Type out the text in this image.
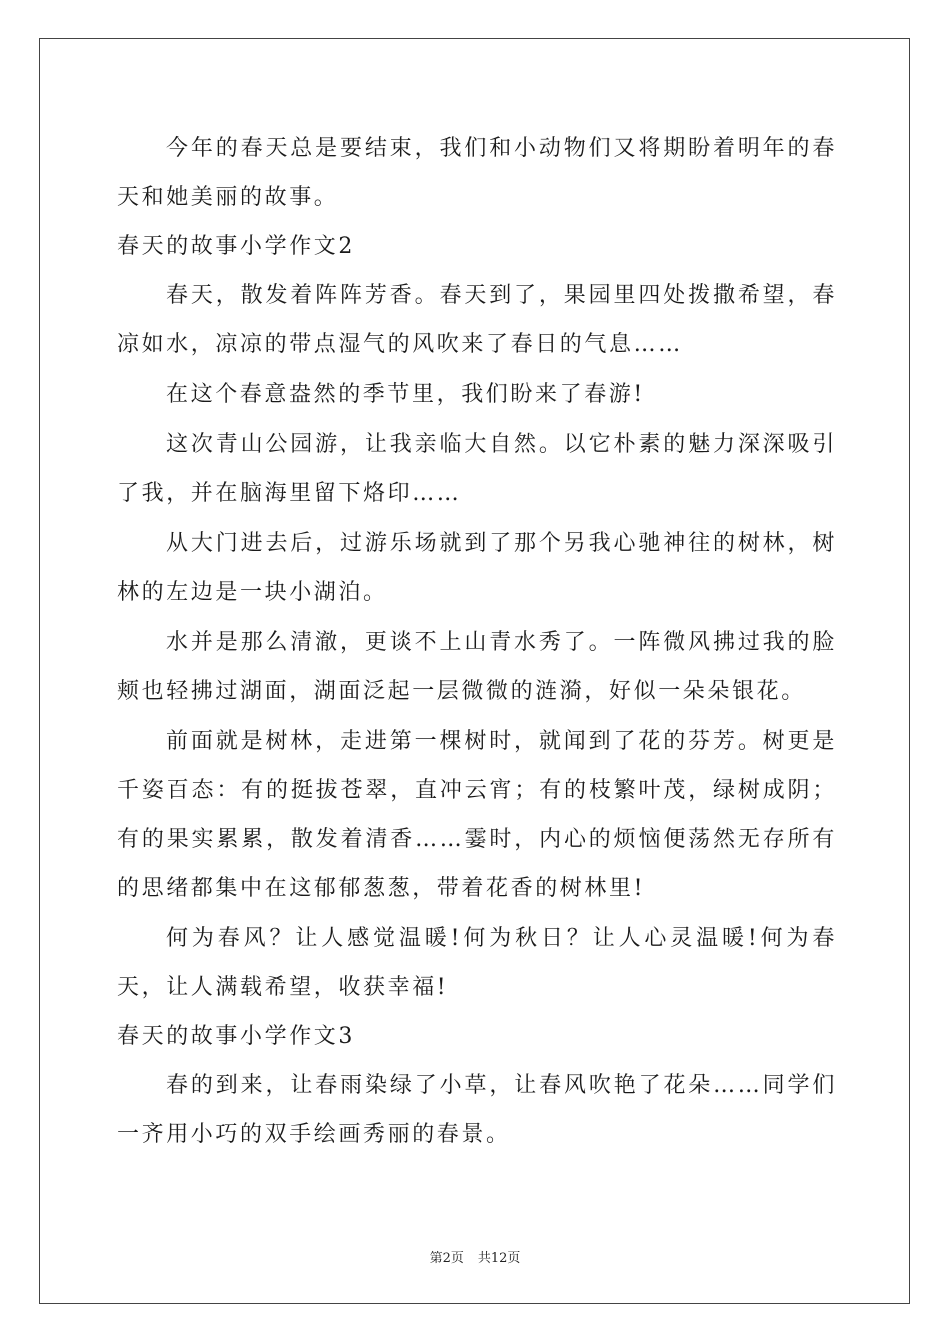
今年的春天总是要结束，我们和小动物们又将期盼着明年的春天和她美丽的故事。

春天的故事小学作文2

春天，散发着阵阵芳香。春天到了，果园里四处拨撒希望，春凉如水，凉凉的带点湿气的风吹来了春日的气息……

在这个春意盎然的季节里，我们盼来了春游!

这次青山公园游，让我亲临大自然。以它朴素的魅力深深吸引了我，并在脑海里留下烙印……

从大门进去后，过游乐场就到了那个另我心驰神往的树林，树林的左边是一块小湖泊。

水并是那么清澈，更谈不上山青水秀了。一阵微风拂过我的脸颊也轻拂过湖面，湖面泛起一层微微的涟漪，好似一朵朵银花。

前面就是树林，走进第一棵树时，就闻到了花的芬芳。树更是千姿百态：有的挺拔苍翠，直冲云宵；有的枝繁叶茂，绿树成阴；有的果实累累，散发着清香……霎时，内心的烦恼便荡然无存所有的思绪都集中在这郁郁葱葱，带着花香的树林里!

何为春风？让人感觉温暖!何为秋日？让人心灵温暖!何为春天，让人满载希望，收获幸福!

春天的故事小学作文3

春的到来，让春雨染绿了小草，让春风吹艳了花朵……同学们一齐用小巧的双手绘画秀丽的春景。

第2页 共12页
